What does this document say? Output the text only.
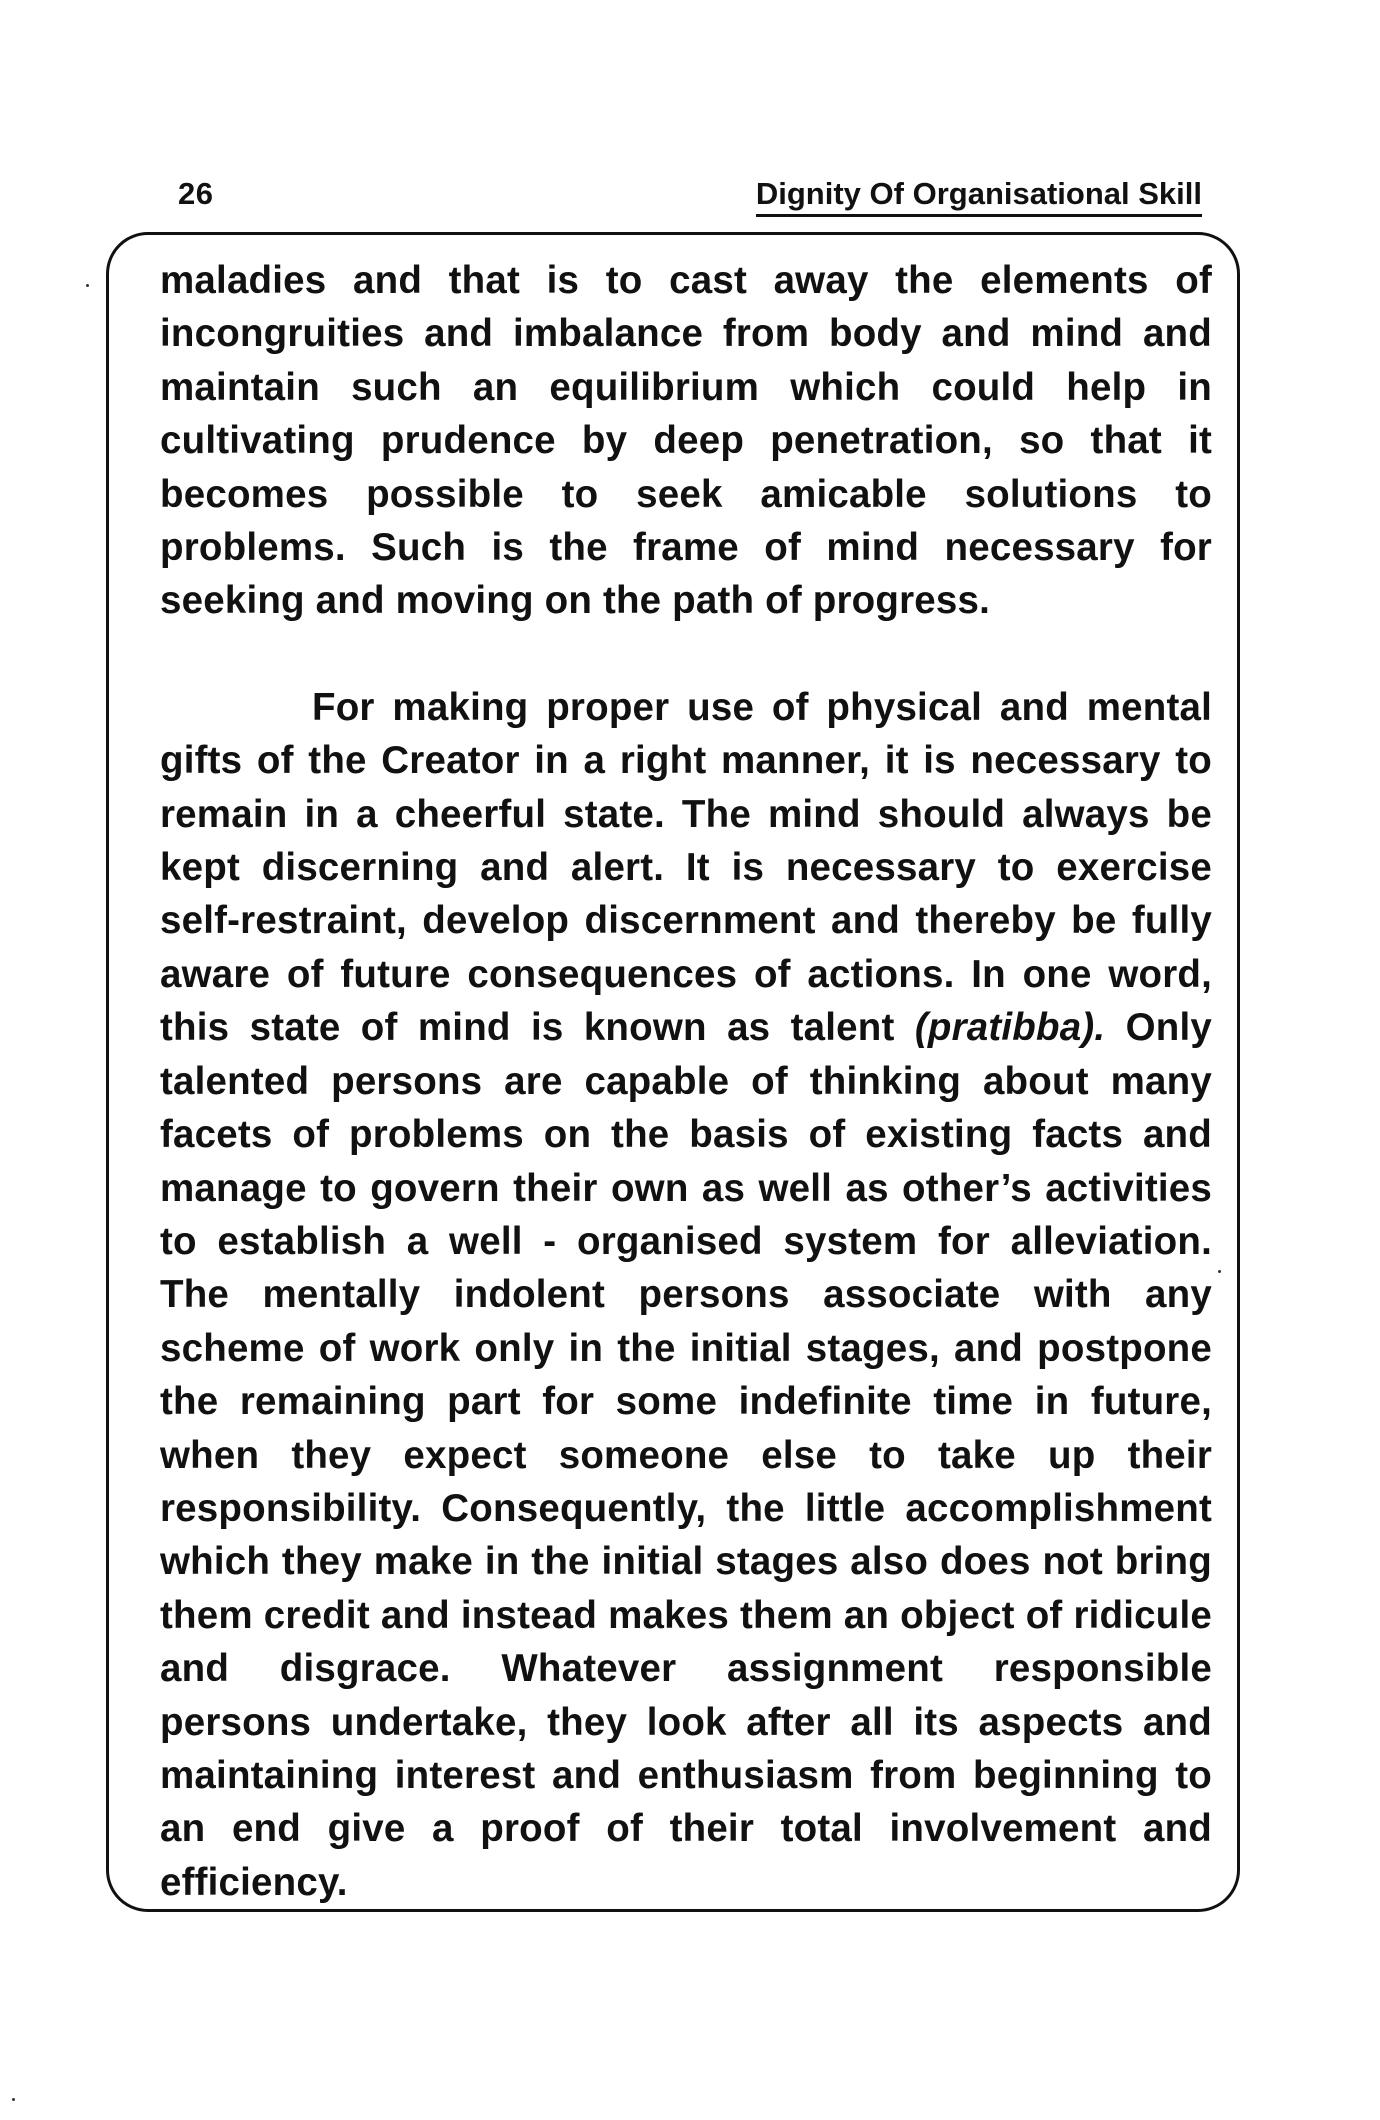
26	Dignity Of Organisational Skill

maladies and that is to cast away the elements of incongruities and imbalance from body and mind and maintain such an equilibrium which could help in cultivating prudence by deep penetration, so that it becomes possible to seek amicable solutions to problems. Such is the frame of mind necessary for seeking and moving on the path of progress.

For making proper use of physical and mental gifts of the Creator in a right manner, it is necessary to remain in a cheerful state. The mind should always be kept discerning and alert. It is necessary to exercise self-restraint, develop discernment and thereby be fully aware of future consequences of actions. In one word, this state of mind is known as talent (pratibba). Only talented persons are capable of thinking about many facets of problems on the basis of existing facts and manage to govern their own as well as other’s activities to establish a well - organised system for alleviation. The mentally indolent persons associate with any scheme of work only in the initial stages, and postpone the remaining part for some indefinite time in future, when they expect someone else to take up their responsibility. Consequently, the little accomplishment which they make in the initial stages also does not bring them credit and instead makes them an object of ridicule and disgrace. Whatever assignment responsible persons undertake, they look after all its aspects and maintaining interest and enthusiasm from beginning to an end give a proof of their total involvement and efficiency.
